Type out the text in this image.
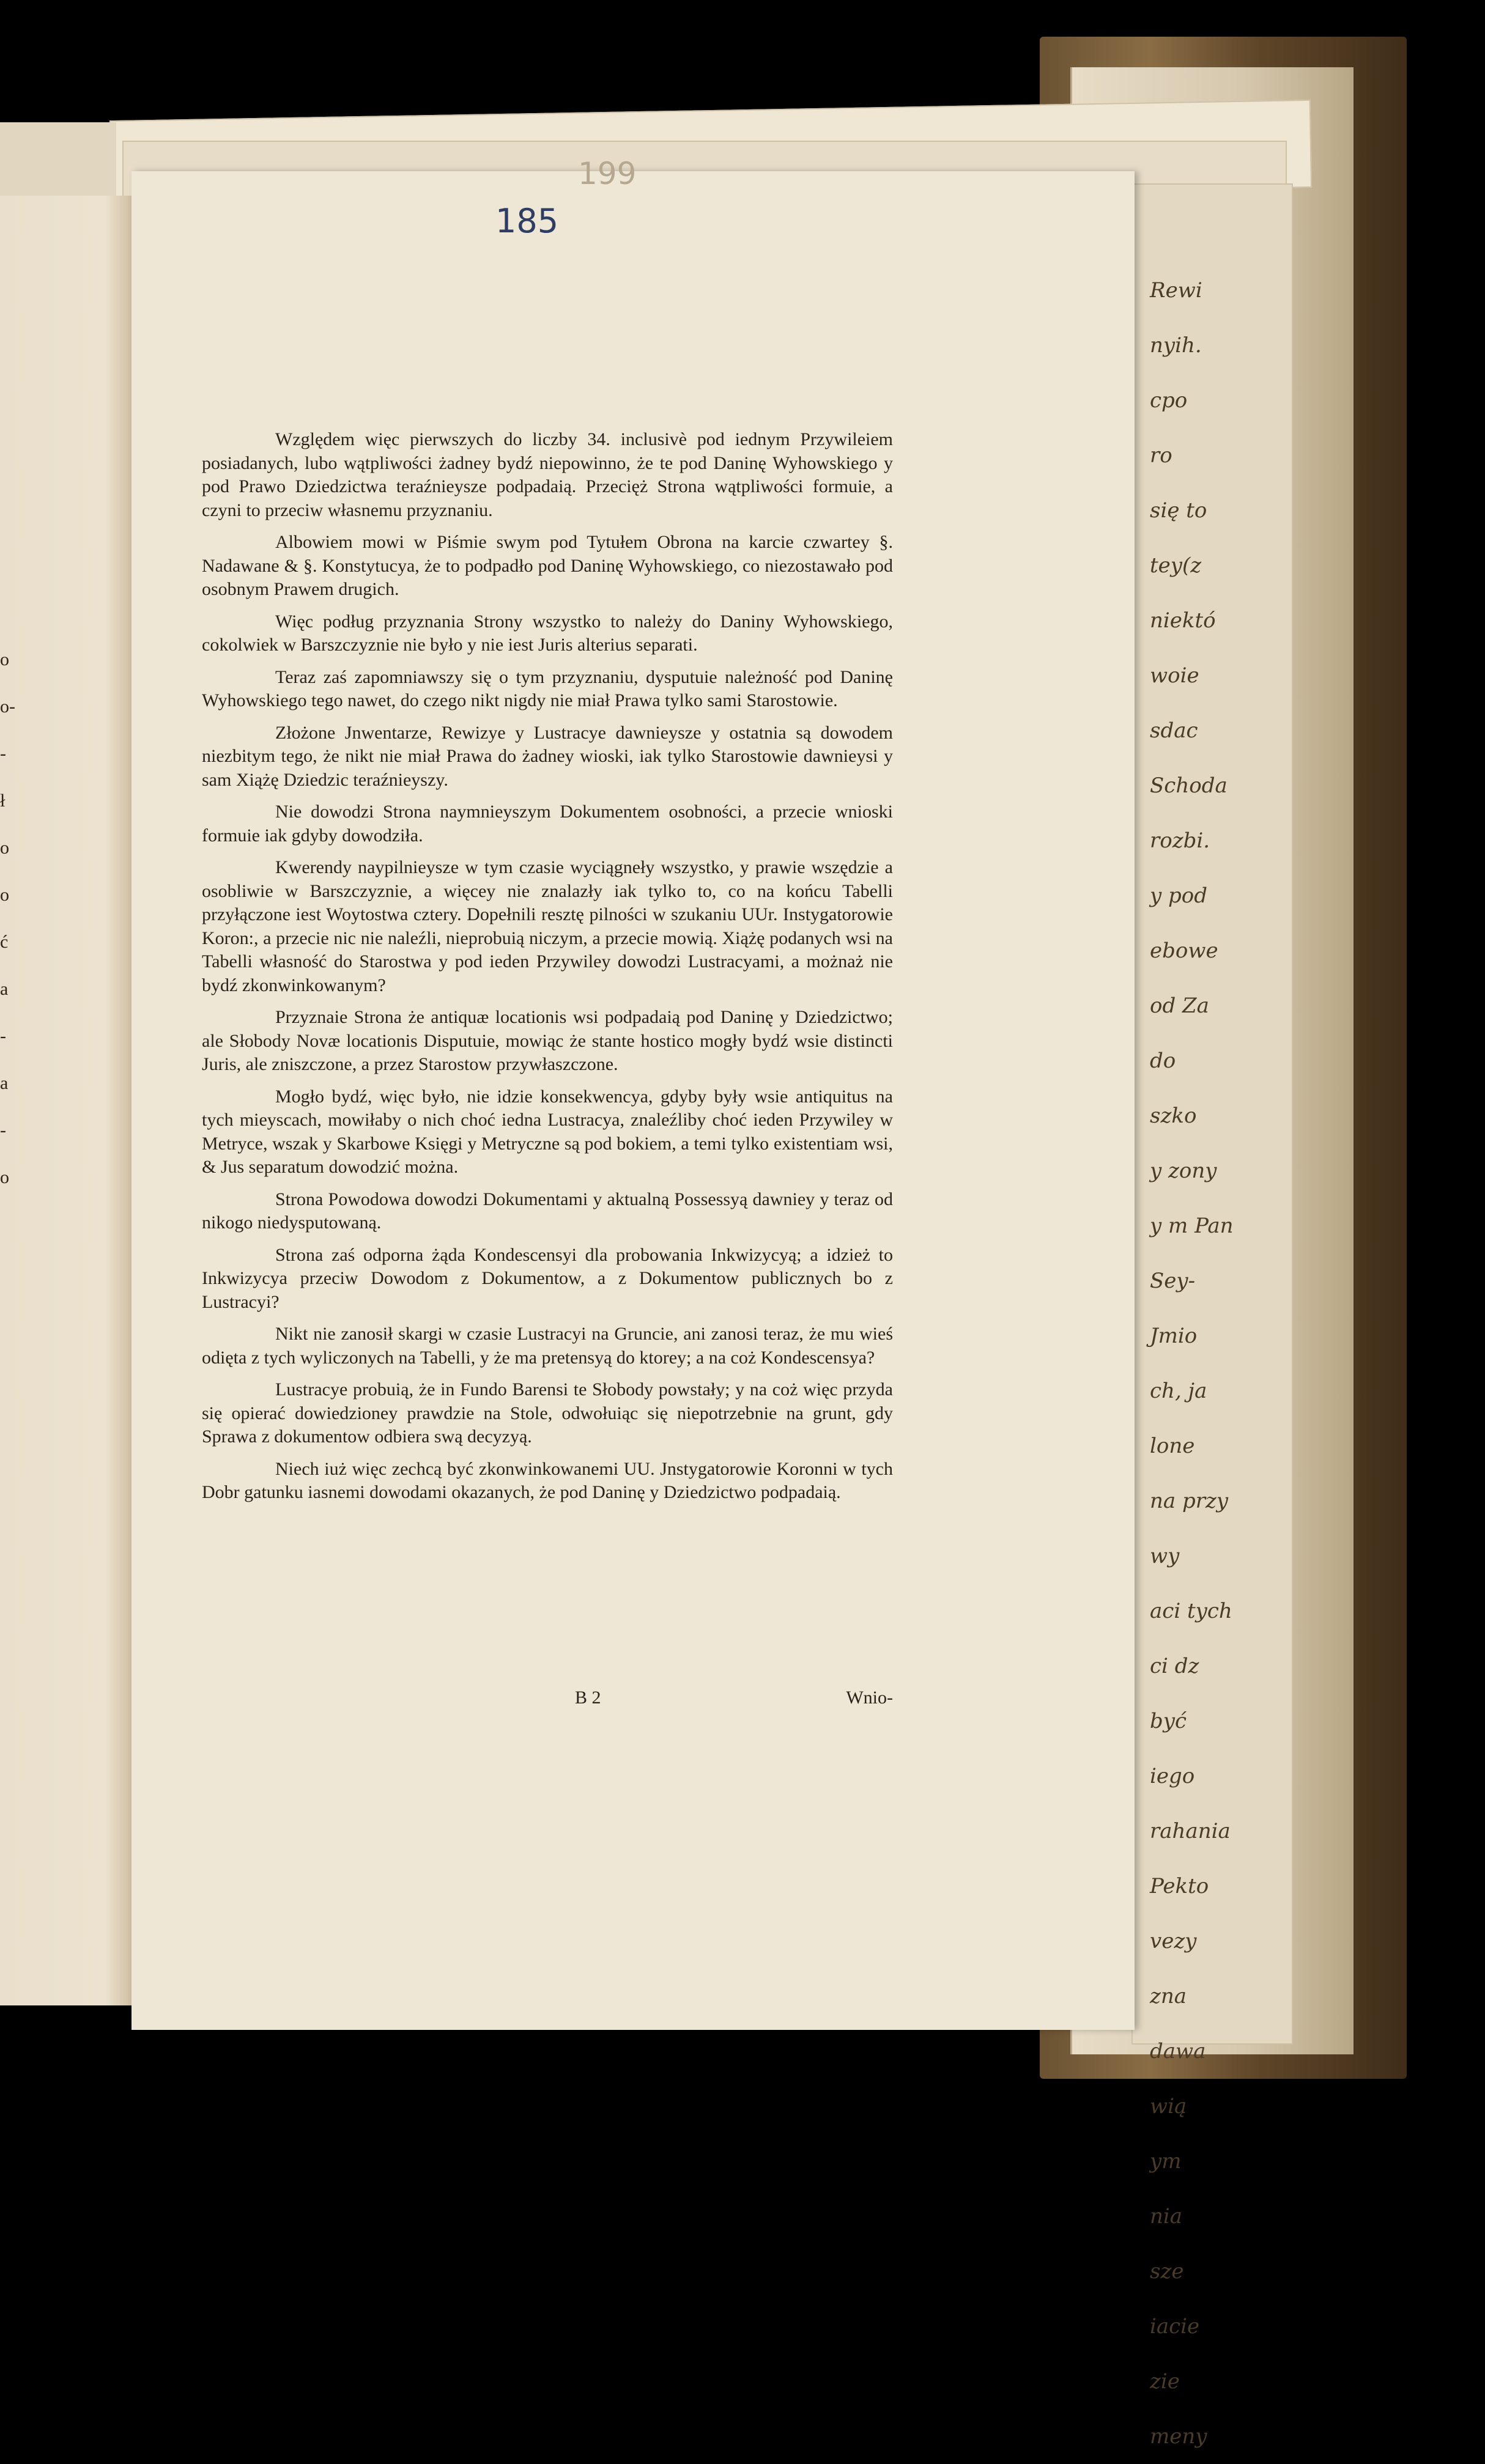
o
o-
-
ł
o
o
ć
a
-
a
-
o
199
185

Względem więc pierwszych do liczby 34. inclusivè pod iednym Przywileiem posiadanych, lubo wątpliwości żadney bydź niepowinno, że te pod Daninę Wyhowskiego y pod Prawo Dziedzictwa teraźnieysze podpadaią. Przecięż Strona wątpliwości formuie, a czyni to przeciw własnemu przyznaniu.

Albowiem mowi w Piśmie swym pod Tytułem Obrona na karcie czwartey §. Nadawane & §. Konstytucya, że to podpadło pod Daninę Wyhowskiego, co niezostawało pod osobnym Prawem drugich.

Więc podług przyznania Strony wszystko to należy do Daniny Wyhowskiego, cokolwiek w Barszczyznie nie było y nie iest Juris alterius separati.

Teraz zaś zapomniawszy się o tym przyznaniu, dysputuie należność pod Daninę Wyhowskiego tego nawet, do czego nikt nigdy nie miał Prawa tylko sami Starostowie.

Złożone Jnwentarze, Rewizye y Lustracye dawnieysze y ostatnia są dowodem niezbitym tego, że nikt nie miał Prawa do żadney wioski, iak tylko Starostowie dawnieysi y sam Xiążę Dziedzic teraźnieyszy.

Nie dowodzi Strona naymnieyszym Dokumentem osobności, a przecie wnioski formuie iak gdyby dowodziła.

Kwerendy naypilnieysze w tym czasie wyciągneły wszystko, y prawie wszędzie a osobliwie w Barszczyznie, a więcey nie znalazły iak tylko to, co na końcu Tabelli przyłączone iest Woytostwa cztery. Dopełnili resztę pilności w szukaniu UUr. Instygatorowie Koron:, a przecie nic nie naleźli, nieprobuią niczym, a przecie mowią. Xiążę podanych wsi na Tabelli własność do Starostwa y pod ieden Przywiley dowodzi Lustracyami, a możnaż nie bydź zkonwinkowanym?

Przyznaie Strona że antiquæ locationis wsi podpadaią pod Daninę y Dziedzictwo; ale Słobody Novæ locationis Disputuie, mowiąc że stante hostico mogły bydź wsie distincti Juris, ale zniszczone, a przez Starostow przywłaszczone.

Mogło bydź, więc było, nie idzie konsekwencya, gdyby były wsie antiquitus na tych mieyscach, mowiłaby o nich choć iedna Lustracya, znaleźliby choć ieden Przywiley w Metryce, wszak y Skarbowe Księgi y Metryczne są pod bokiem, a temi tylko existentiam wsi, & Jus separatum dowodzić można.

Strona Powodowa dowodzi Dokumentami y aktualną Possessyą dawniey y teraz od nikogo niedysputowaną.

Strona zaś odporna żąda Kondescensyi dla probowania Inkwizycyą; a idzież to Inkwizycya przeciw Dowodom z Dokumentow, a z Dokumentow publicznych bo z Lustracyi?

Nikt nie zanosił skargi w czasie Lustracyi na Gruncie, ani zanosi teraz, że mu wieś odięta z tych wyliczonych na Tabelli, y że ma pretensyą do ktorey; a na coż Kondescensya?

Lustracye probuią, że in Fundo Barensi te Słobody powstały; y na coż więc przyda się opierać dowiedzioney prawdzie na Stole, odwołuiąc się niepotrzebnie na grunt, gdy Sprawa z dokumentow odbiera swą decyzyą.

Niech iuż więc zechcą być zkonwinkowanemi UU. Jnstygatorowie Koronni w tych Dobr gatunku iasnemi dowodami okazanych, że pod Daninę y Dziedzictwo podpadaią.

B 2	Wnio-
Rewi
nyih.
cpo
ro
się to
tey(z
niektó
woie
sdac
Schoda
rozbi.
y pod
ebowe
od Za
do
szko
y zony
y m Pan
Sey-
Jmio
ch, ja
lone
na przy
wy
aci tych
ci dz
być
iego
rahania
Pekto
vezy
zna
dawa
wią
ym
nia
sze
iacie
zie
meny
